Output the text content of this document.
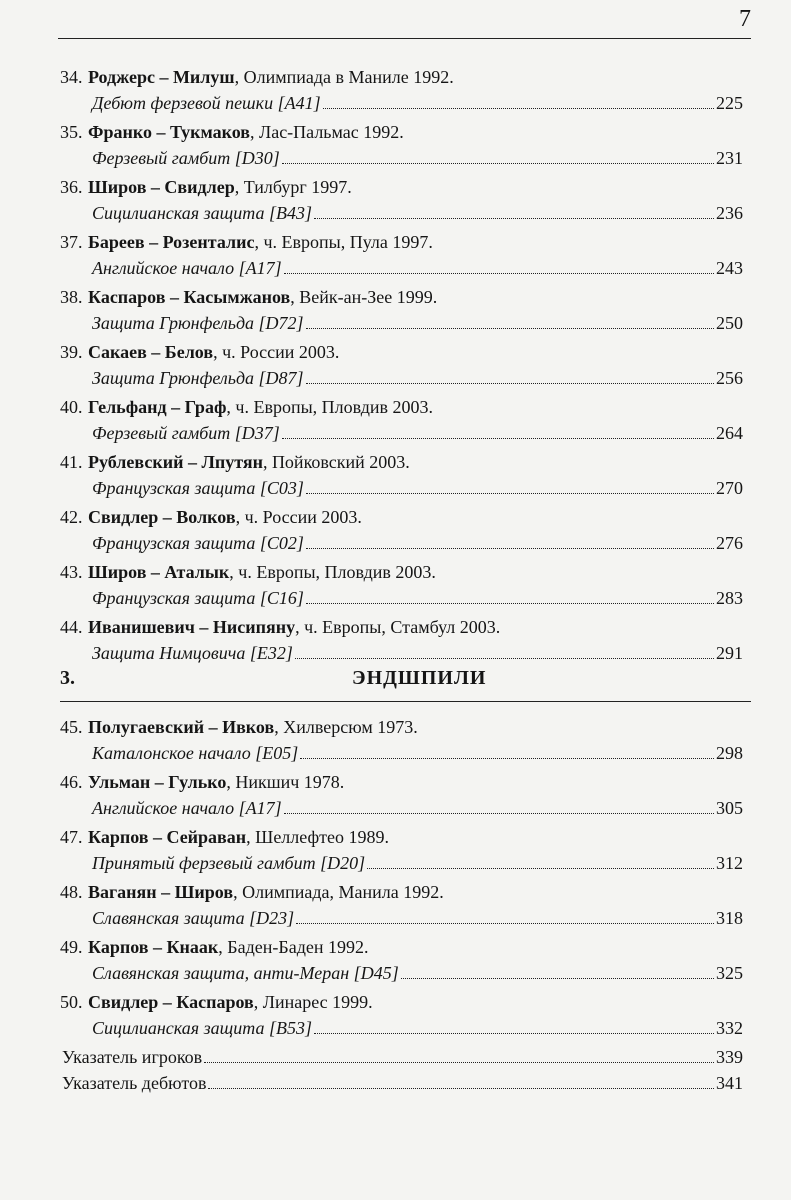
7
34. Роджерс – Милуш, Олимпиада в Маниле 1992.
Дебют ферзевой пешки [A41]	225
35. Франко – Тукмаков, Лас-Пальмас 1992.
Ферзевый гамбит [D30]	231
36. Широв – Свидлер, Тилбург 1997.
Сицилианская защита [B43]	236
37. Бареев – Розенталис, ч. Европы, Пула 1997.
Английское начало [A17]	243
38. Каспаров – Касымжанов, Вейк-ан-Зее 1999.
Защита Грюнфельда [D72]	250
39. Сакаев – Белов, ч. России 2003.
Защита Грюнфельда [D87]	256
40. Гельфанд – Граф, ч. Европы, Пловдив 2003.
Ферзевый гамбит [D37]	264
41. Рублевский – Лпутян, Пойковский 2003.
Французская защита [C03]	270
42. Свидлер – Волков, ч. России 2003.
Французская защита [C02]	276
43. Широв – Аталык, ч. Европы, Пловдив 2003.
Французская защита [C16]	283
44. Иванишевич – Нисипяну, ч. Европы, Стамбул 2003.
Защита Нимцовича [E32]	291
3.	ЭНДШПИЛИ
45. Полугаевский – Ивков, Хилверсюм 1973.
Каталонское начало [E05]	298
46. Ульман – Гулько, Никшич 1978.
Английское начало [A17]	305
47. Карпов – Сейраван, Шеллефтео 1989.
Принятый ферзевый гамбит [D20]	312
48. Ваганян – Широв, Олимпиада, Манила 1992.
Славянская защита [D23]	318
49. Карпов – Кнаак, Баден-Баден 1992.
Славянская защита, анти-Меран [D45]	325
50. Свидлер – Каспаров, Линарес 1999.
Сицилианская защита [B53]	332
Указатель игроков	339
Указатель дебютов	341
